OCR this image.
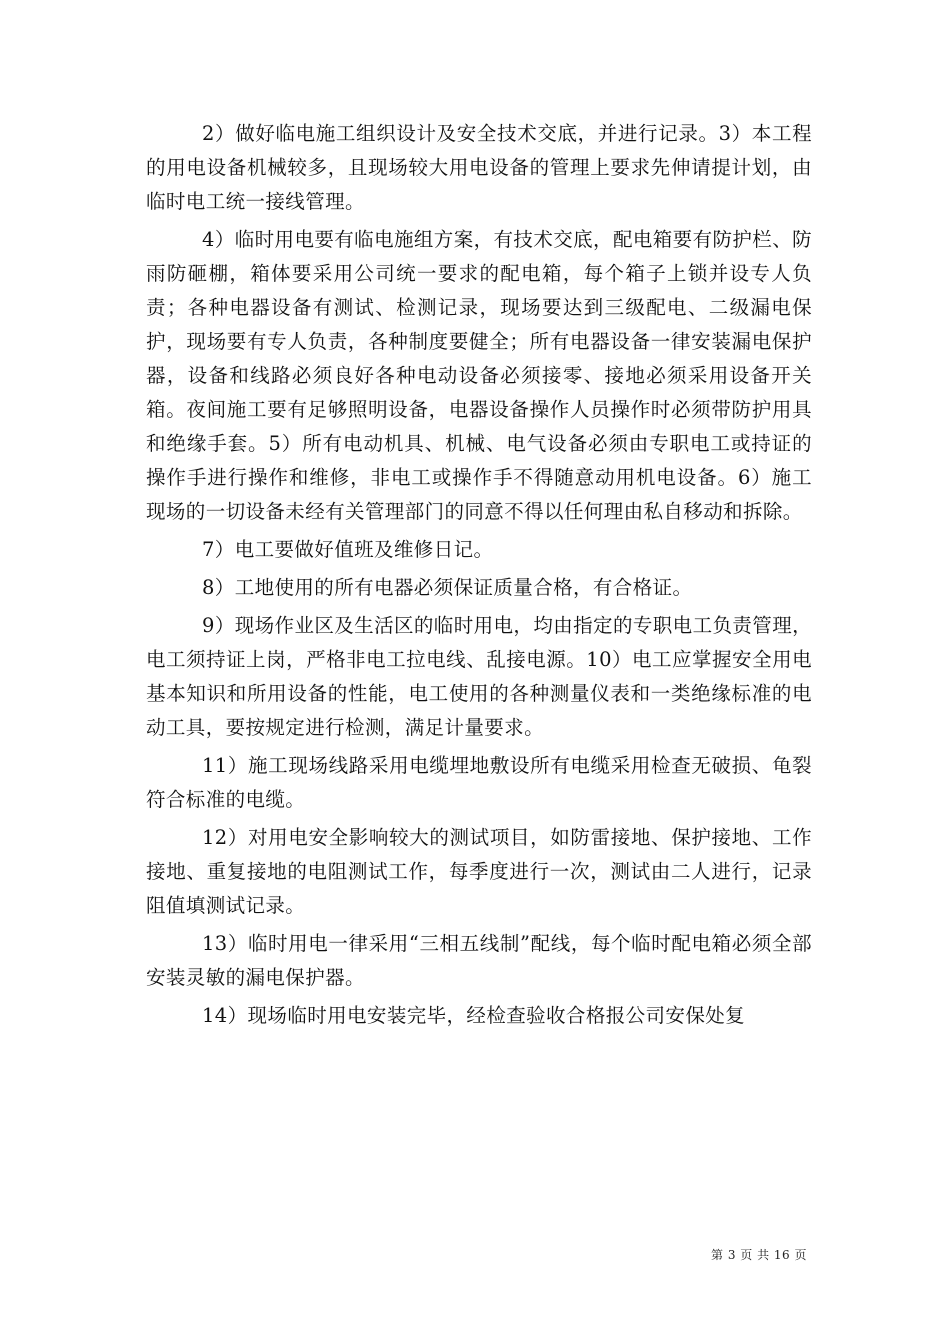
2）做好临电施工组织设计及安全技术交底，并进行记录。3）本工程的用电设备机械较多，且现场较大用电设备的管理上要求先伸请提计划，由临时电工统一接线管理。

4）临时用电要有临电施组方案，有技术交底，配电箱要有防护栏、防雨防砸棚，箱体要采用公司统一要求的配电箱，每个箱子上锁并设专人负责；各种电器设备有测试、检测记录，现场要达到三级配电、二级漏电保护，现场要有专人负责，各种制度要健全；所有电器设备一律安装漏电保护器，设备和线路必须良好各种电动设备必须接零、接地必须采用设备开关箱。夜间施工要有足够照明设备，电器设备操作人员操作时必须带防护用具和绝缘手套。5）所有电动机具、机械、电气设备必须由专职电工或持证的操作手进行操作和维修，非电工或操作手不得随意动用机电设备。6）施工现场的一切设备未经有关管理部门的同意不得以任何理由私自移动和拆除。

7）电工要做好值班及维修日记。

8）工地使用的所有电器必须保证质量合格，有合格证。

9）现场作业区及生活区的临时用电，均由指定的专职电工负责管理，电工须持证上岗，严格非电工拉电线、乱接电源。10）电工应掌握安全用电基本知识和所用设备的性能，电工使用的各种测量仪表和一类绝缘标准的电动工具，要按规定进行检测，满足计量要求。

11）施工现场线路采用电缆埋地敷设所有电缆采用检查无破损、龟裂符合标准的电缆。

12）对用电安全影响较大的测试项目，如防雷接地、保护接地、工作接地、重复接地的电阻测试工作，每季度进行一次，测试由二人进行，记录阻值填测试记录。

13）临时用电一律采用“三相五线制”配线，每个临时配电箱必须全部安装灵敏的漏电保护器。

14）现场临时用电安装完毕，经检查验收合格报公司安保处复

第 3 页 共 16 页
